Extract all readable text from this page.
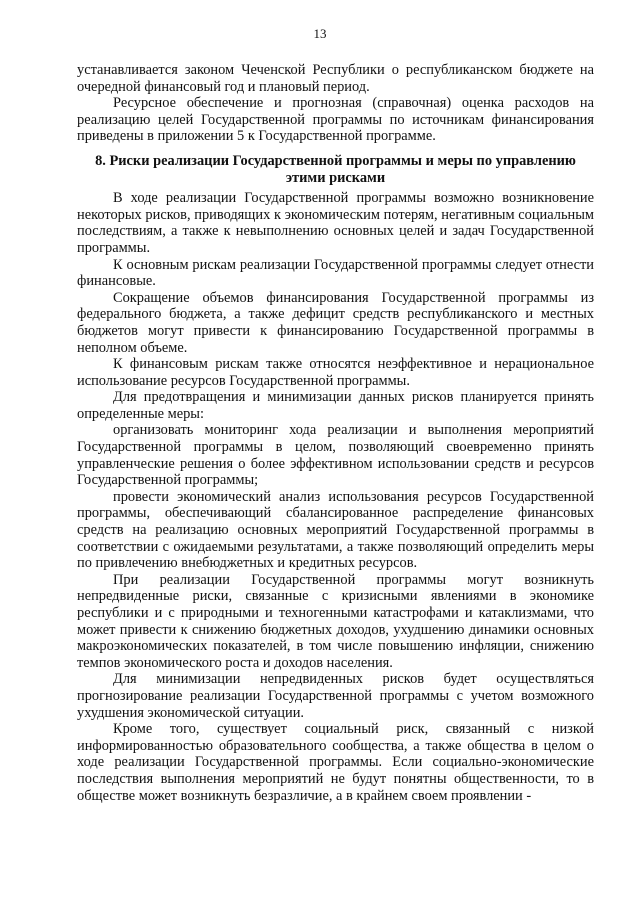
13

устанавливается законом Чеченской Республики о республиканском бюджете на очередной финансовый год и плановый период.

Ресурсное обеспечение и прогнозная (справочная) оценка расходов на реализацию целей Государственной программы по источникам финансирования приведены в приложении 5 к Государственной программе.

8. Риски реализации Государственной программы и меры по управлению этими рисками

В ходе реализации Государственной программы возможно возникновение некоторых рисков, приводящих к экономическим потерям, негативным социальным последствиям, а также к невыполнению основных целей и задач Государственной программы.

К основным рискам реализации Государственной программы следует отнести финансовые.

Сокращение объемов финансирования Государственной программы из федерального бюджета, а также дефицит средств республиканского и местных бюджетов могут привести к финансированию Государственной программы в неполном объеме.

К финансовым рискам также относятся неэффективное и нерациональное использование ресурсов Государственной программы.

Для предотвращения и минимизации данных рисков планируется принять определенные меры:

организовать мониторинг хода реализации и выполнения мероприятий Государственной программы в целом, позволяющий своевременно принять управленческие решения о более эффективном использовании средств и ресурсов Государственной программы;

провести экономический анализ использования ресурсов Государственной программы, обеспечивающий сбалансированное распределение финансовых средств на реализацию основных мероприятий Государственной программы в соответствии с ожидаемыми результатами, а также позволяющий определить меры по привлечению внебюджетных и кредитных ресурсов.

При реализации Государственной программы могут возникнуть непредвиденные риски, связанные с кризисными явлениями в экономике республики и с природными и техногенными катастрофами и катаклизмами, что может привести к снижению бюджетных доходов, ухудшению динамики основных макроэкономических показателей, в том числе повышению инфляции, снижению темпов экономического роста и доходов населения.

Для минимизации непредвиденных рисков будет осуществляться прогнозирование реализации Государственной программы с учетом возможного ухудшения экономической ситуации.

Кроме того, существует социальный риск, связанный с низкой информированностью образовательного сообщества, а также общества в целом о ходе реализации Государственной программы. Если социально-экономические последствия выполнения мероприятий не будут понятны общественности, то в обществе может возникнуть безразличие, а в крайнем своем проявлении -
